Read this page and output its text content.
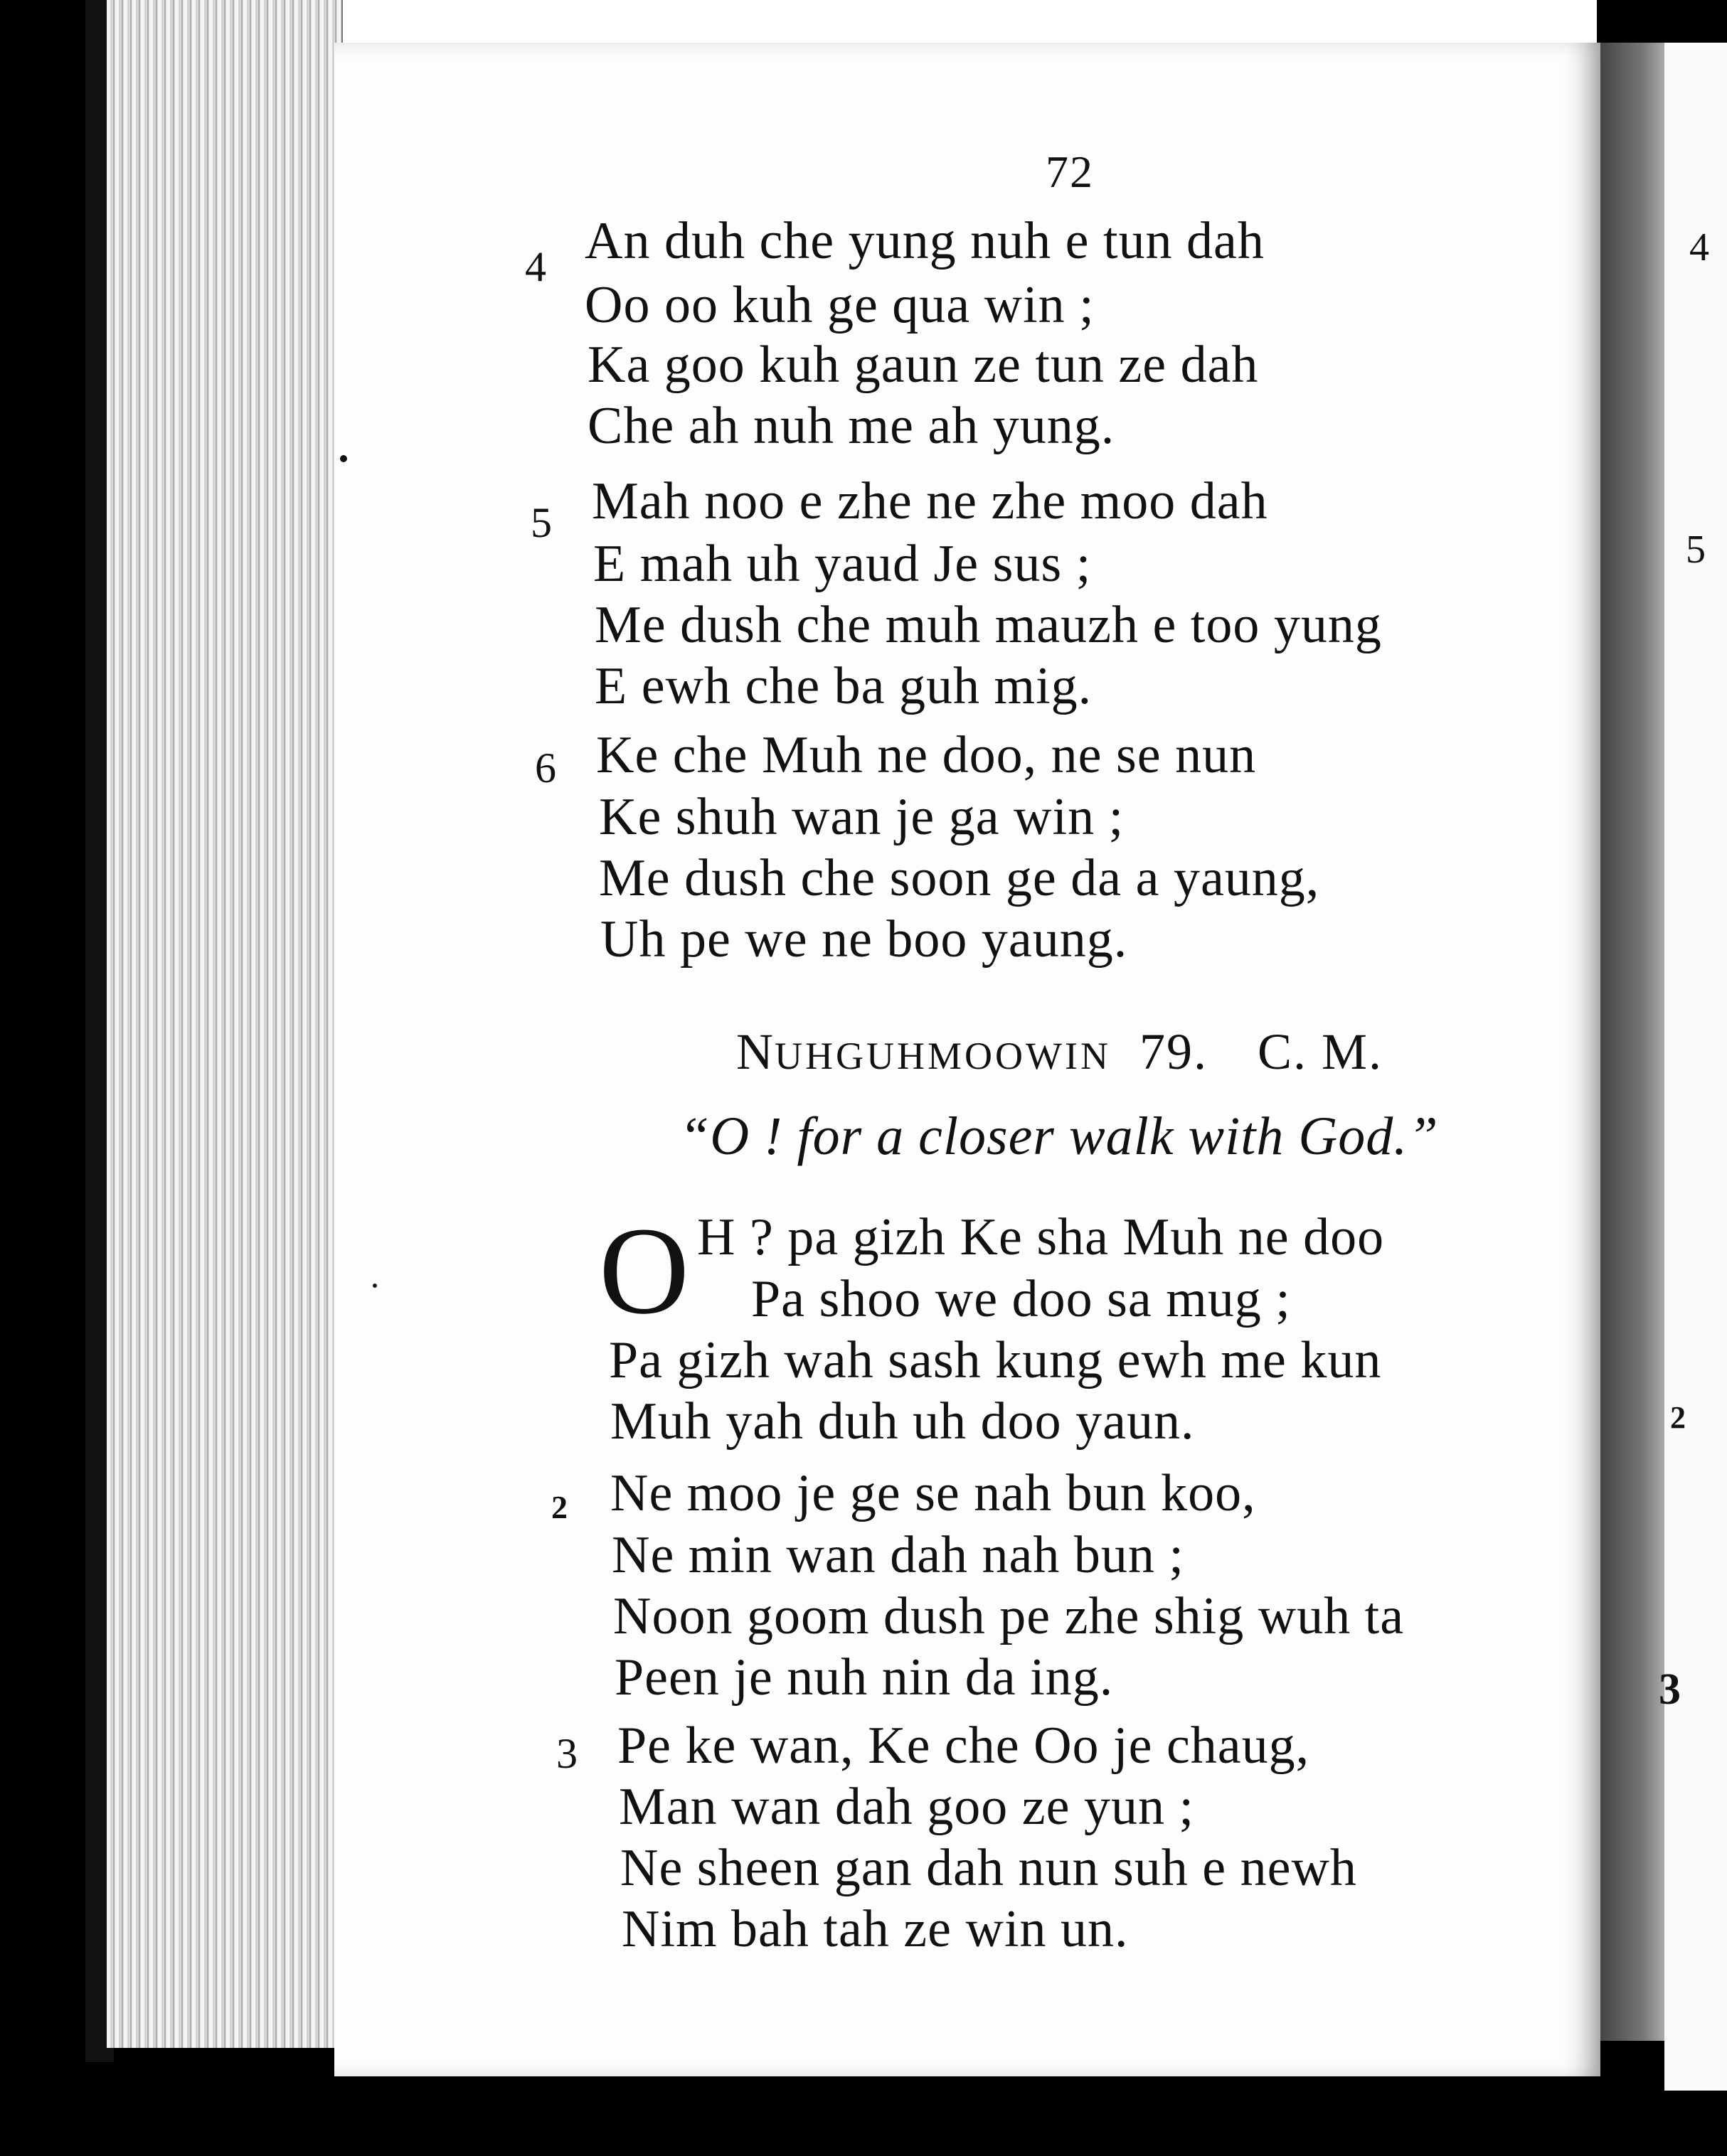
4
5
2
3
72
4 An duh che yung nuh e tun dah
Oo oo kuh ge qua win ;
Ka goo kuh gaun ze tun ze dah
Che ah nuh me ah yung.
5 Mah noo e zhe ne zhe moo dah
E mah uh yaud Je sus ;
Me dush che muh mauzh e too yung
E ewh che ba guh mig.
6 Ke che Muh ne doo, ne se nun
Ke shuh wan je ga win ;
Me dush che soon ge da a yaung,
Uh pe we ne boo yaung.
NUHGUHMOOWIN 79. C. M.
“O ! for a closer walk with God.”
O H ? pa gizh Ke sha Muh ne doo
Pa shoo we doo sa mug ;
Pa gizh wah sash kung ewh me kun
Muh yah duh uh doo yaun.
2 Ne moo je ge se nah bun koo,
Ne min wan dah nah bun ;
Noon goom dush pe zhe shig wuh ta
Peen je nuh nin da ing.
3 Pe ke wan, Ke che Oo je chaug,
Man wan dah goo ze yun ;
Ne sheen gan dah nun suh e newh
Nim bah tah ze win un.
